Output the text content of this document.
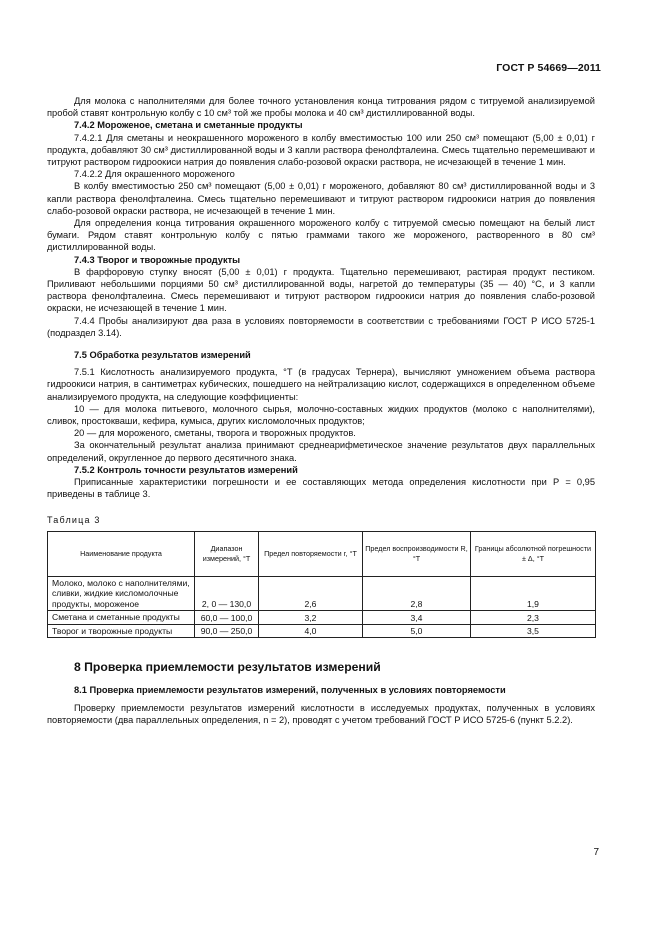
ГОСТ Р 54669—2011

Для молока с наполнителями для более точного установления конца титрования рядом с титруемой анализируемой пробой ставят контрольную колбу с 10 см³ той же пробы молока и 40 см³ дистиллированной воды.

7.4.2 Мороженое, сметана и сметанные продукты

7.4.2.1 Для сметаны и неокрашенного мороженого в колбу вместимостью 100 или 250 см³ помещают (5,00 ± 0,01) г продукта, добавляют 30 см³ дистиллированной воды и 3 капли раствора фенолфталеина. Смесь тщательно перемешивают и титруют раствором гидроокиси натрия до появления слабо-розовой окраски раствора, не исчезающей в течение 1 мин.

7.4.2.2 Для окрашенного мороженого

В колбу вместимостью 250 см³ помещают (5,00 ± 0,01) г мороженого, добавляют 80 см³ дистиллированной воды и 3 капли раствора фенолфталеина. Смесь тщательно перемешивают и титруют раствором гидроокиси натрия до появления слабо-розовой окраски раствора, не исчезающей в течение 1 мин.

Для определения конца титрования окрашенного мороженого колбу с титруемой смесью помещают на белый лист бумаги. Рядом ставят контрольную колбу с пятью граммами такого же мороженого, растворенного в 80 см³ дистиллированной воды.

7.4.3 Творог и творожные продукты

В фарфоровую ступку вносят (5,00 ± 0,01) г продукта. Тщательно перемешивают, растирая продукт пестиком. Приливают небольшими порциями 50 см³ дистиллированной воды, нагретой до температуры (35 — 40) °С, и 3 капли раствора фенолфталеина. Смесь перемешивают и титруют раствором гидроокиси натрия до появления слабо-розовой окраски, не исчезающей в течение 1 мин.

7.4.4 Пробы анализируют два раза в условиях повторяемости в соответствии с требованиями ГОСТ Р ИСО 5725-1 (подраздел 3.14).

7.5 Обработка результатов измерений

7.5.1 Кислотность анализируемого продукта, °Т (в градусах Тернера), вычисляют умножением объема раствора гидроокиси натрия, в сантиметрах кубических, пошедшего на нейтрализацию кислот, содержащихся в определенном объеме анализируемого продукта, на следующие коэффициенты:

10 — для молока питьевого, молочного сырья, молочно-составных жидких продуктов (молоко с наполнителями), сливок, простокваши, кефира, кумыса, других кисломолочных продуктов;

20 — для мороженого, сметаны, творога и творожных продуктов.

За окончательный результат анализа принимают среднеарифметическое значение результатов двух параллельных определений, округленное до первого десятичного знака.

7.5.2 Контроль точности результатов измерений

Приписанные характеристики погрешности и ее составляющих метода определения кислотности при Р = 0,95 приведены в таблице 3.

Таблица 3
Наименование продукта	Диапазон измерений, °Т	Предел повторяемости r, °Т	Предел воспроизводимости R, °Т	Границы абсолютной погрешности ± Δ, °Т
Молоко, молоко с наполнителями, сливки, жидкие кисломолочные продукты, мороженое	2, 0 — 130,0	2,6	2,8	1,9
Сметана и сметанные продукты	60,0 — 100,0	3,2	3,4	2,3
Творог и творожные продукты	90,0 — 250,0	4,0	5,0	3,5
8 Проверка приемлемости результатов измерений

8.1 Проверка приемлемости результатов измерений, полученных в условиях повторяемости

Проверку приемлемости результатов измерений кислотности в исследуемых продуктах, полученных в условиях повторяемости (два параллельных определения, n = 2), проводят с учетом требований ГОСТ Р ИСО 5725-6 (пункт 5.2.2).

7
